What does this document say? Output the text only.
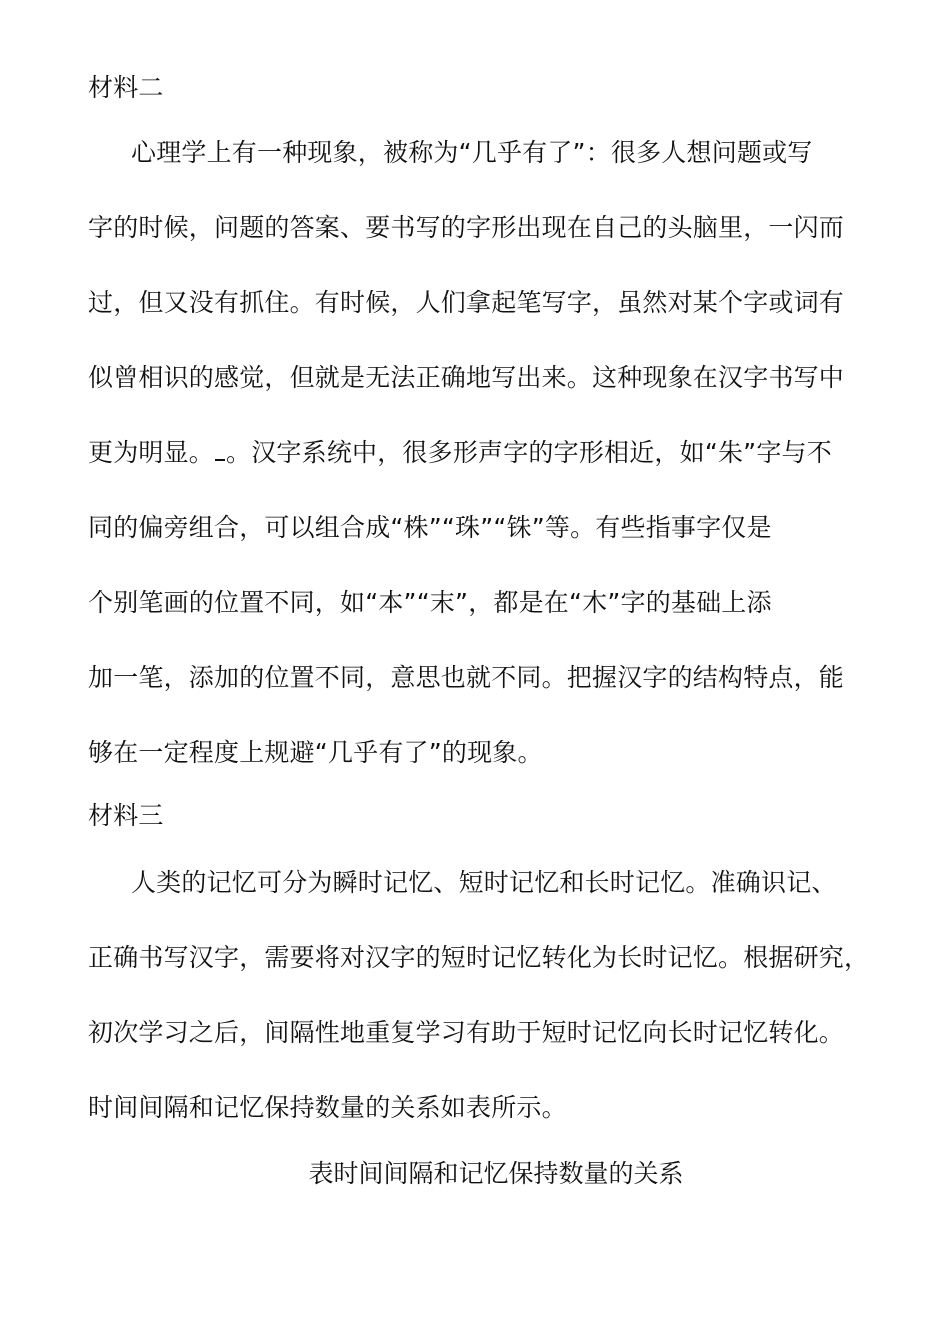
材料二
心理学上有一种现象，被称为“几乎有了”：很多人想问题或写
字的时候，问题的答案、要书写的字形出现在自己的头脑里，一闪而
过，但又没有抓住。有时候，人们拿起笔写字，虽然对某个字或词有
似曾相识的感觉，但就是无法正确地写出来。这种现象在汉字书写中
更为明显。 。汉字系统中，很多形声字的字形相近，如“朱”字与不
同的偏旁组合，可以组合成“株”“珠”“铢”等。有些指事字仅是
个别笔画的位置不同，如“本”“末”，都是在“木”字的基础上添
加一笔，添加的位置不同，意思也就不同。把握汉字的结构特点，能
够在一定程度上规避“几乎有了”的现象。
材料三
人类的记忆可分为瞬时记忆、短时记忆和长时记忆。准确识记、
正确书写汉字，需要将对汉字的短时记忆转化为长时记忆。根据研究，
初次学习之后，间隔性地重复学习有助于短时记忆向长时记忆转化。
时间间隔和记忆保持数量的关系如表所示。
表时间间隔和记忆保持数量的关系
